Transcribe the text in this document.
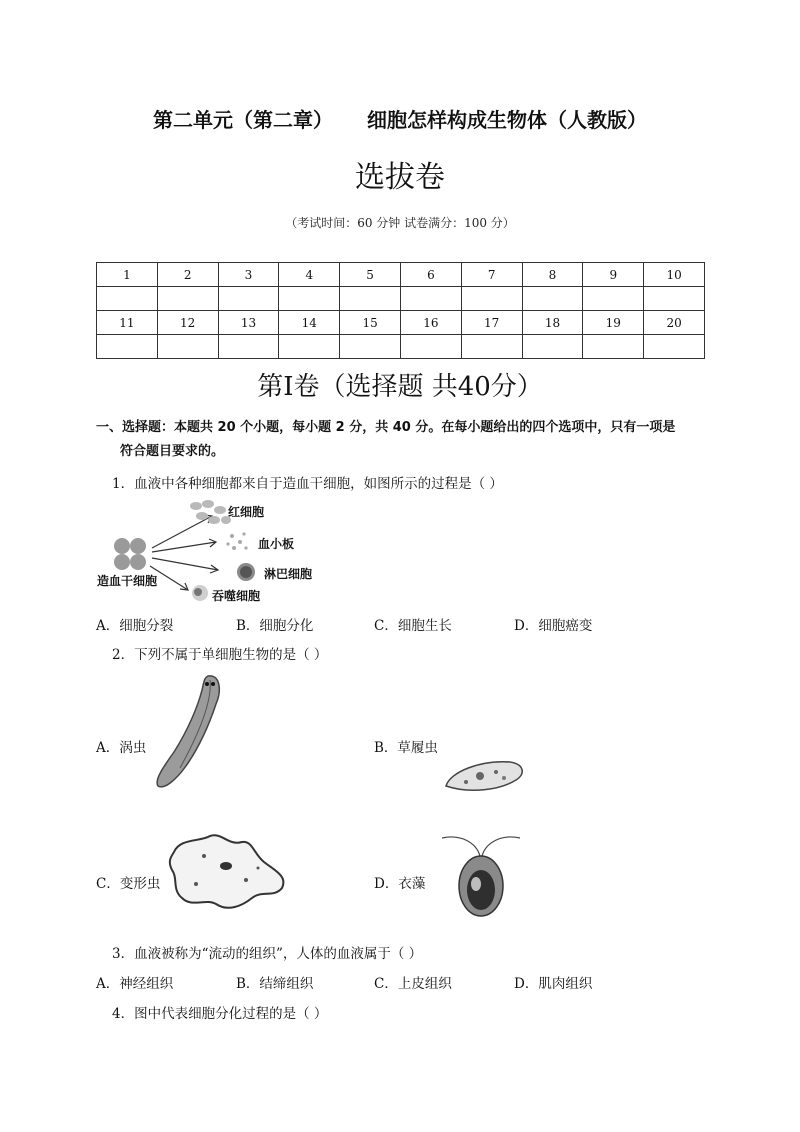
第二单元（第二章） 细胞怎样构成生物体（人教版）
选拔卷
（考试时间：60 分钟 试卷满分：100 分）
1	2	3	4	5	6	7	8	9	10

11	12	13	14	15	16	17	18	19	20

第Ⅰ卷（选择题 共40分）
一、选择题：本题共 20 个小题，每小题 2 分，共 40 分。在每小题给出的四个选项中，只有一项是
符合题目要求的。
1．血液中各种细胞都来自于造血干细胞，如图所示的过程是（ ）
红细胞
血小板
淋巴细胞
造血干细胞
吞噬细胞
A．细胞分裂	B．细胞分化	C．细胞生长	D．细胞癌变
2．下列不属于单细胞生物的是（ ）
A．涡虫	B．草履虫
C．变形虫	D．衣藻
3．血液被称为“流动的组织”，人体的血液属于（ ）
A．神经组织	B．结缔组织	C．上皮组织	D．肌肉组织
4．图中代表细胞分化过程的是（ ）
